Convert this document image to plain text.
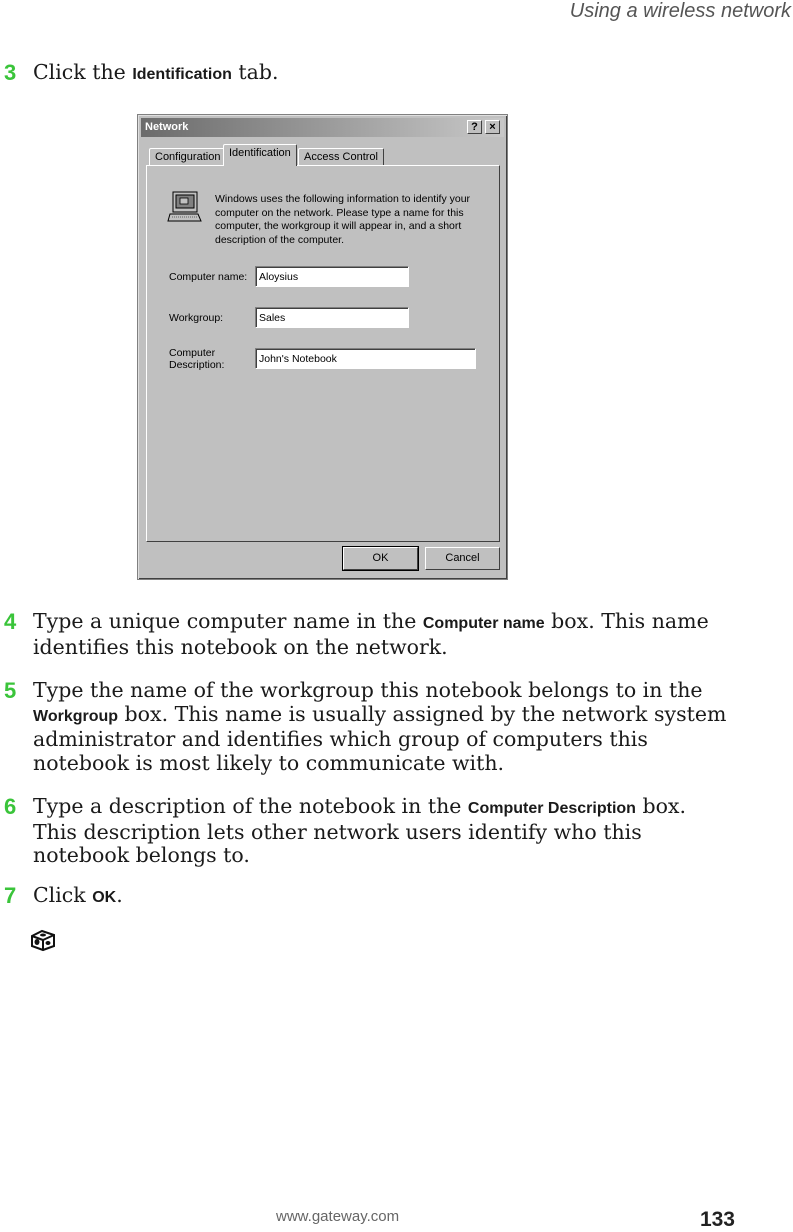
Using a wireless network
3 Click the Identification tab.
Network	?	×
Configuration Identification	Access Control
Windows uses the following information to identify your computer on the network. Please type a name for this computer, the workgroup it will appear in, and a short description of the computer.
Computer name:
Aloysius
Workgroup:
Sales
Computer
Description:
John's Notebook
OK	Cancel
4 Type a unique computer name in the Computer name box. This name identifies this notebook on the network.
5 Type the name of the workgroup this notebook belongs to in the Workgroup box. This name is usually assigned by the network system administrator and identifies which group of computers this notebook is most likely to communicate with.
6 Type a description of the notebook in the Computer Description box. This description lets other network users identify who this notebook belongs to.
7 Click OK.
www.gateway.com	133
